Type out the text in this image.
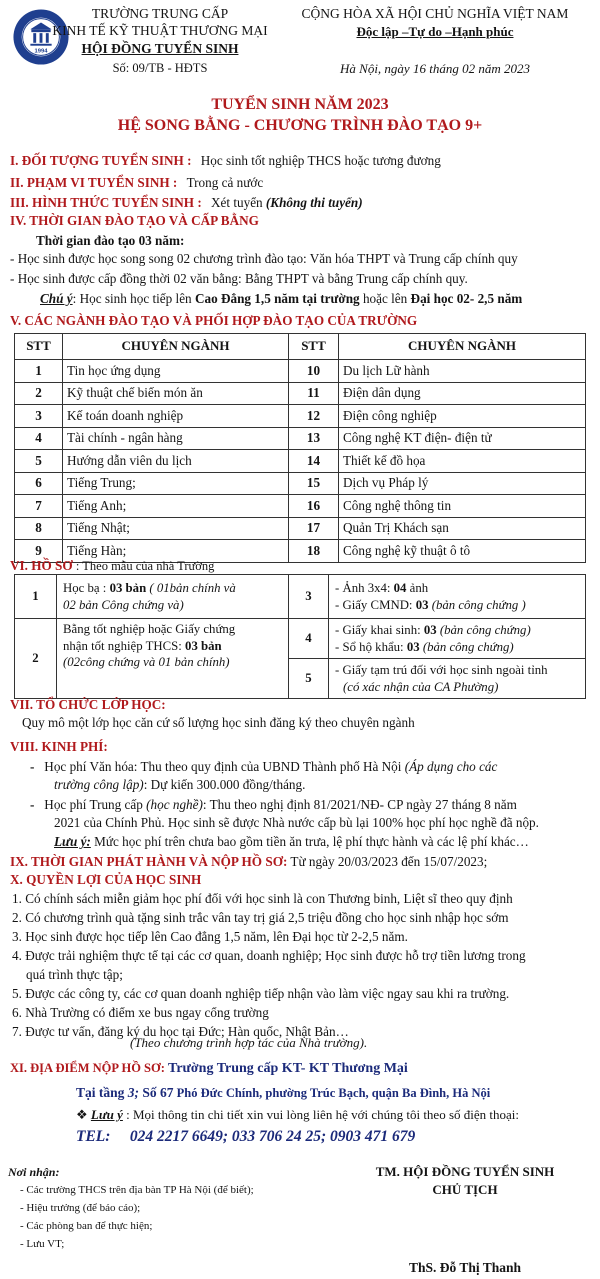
1994
TRƯỜNG TRUNG CẤP
KINH TẾ KỸ THUẬT THƯƠNG MẠI
HỘI ĐỒNG TUYỂN SINH
Số: 09/TB - HĐTS
CỘNG HÒA XÃ HỘI CHỦ NGHĨA VIỆT NAM
Độc lập –Tự do –Hạnh phúc
Hà Nội, ngày 16 tháng 02 năm 2023
TUYỂN SINH NĂM 2023
HỆ SONG BẰNG - CHƯƠNG TRÌNH ĐÀO TẠO 9+
I. ĐỐI TƯỢNG TUYỂN SINH : Học sinh tốt nghiệp THCS hoặc tương đương
II. PHẠM VI TUYỂN SINH : Trong cả nước
III. HÌNH THỨC TUYỂN SINH : Xét tuyển (Không thi tuyển)
IV. THỜI GIAN ĐÀO TẠO VÀ CẤP BẰNG
Thời gian đào tạo 03 năm:
- Học sinh được học song song 02 chương trình đào tạo: Văn hóa THPT và Trung cấp chính quy
- Học sinh được cấp đồng thời 02 văn bằng: Bằng THPT và bằng Trung cấp chính quy.
Chú ý: Học sinh học tiếp lên Cao Đẳng 1,5 năm tại trường hoặc lên Đại học 02- 2,5 năm
V. CÁC NGÀNH ĐÀO TẠO VÀ PHỐI HỢP ĐÀO TẠO CỦA TRƯỜNG
STT	CHUYÊN NGÀNH	STT	CHUYÊN NGÀNH
1	Tin học ứng dụng	10	Du lịch Lữ hành
2	Kỹ thuật chế biến món ăn	11	Điện dân dụng
3	Kế toán doanh nghiệp	12	Điện công nghiệp
4	Tài chính - ngân hàng	13	Công nghệ KT điện- điện tử
5	Hướng dẫn viên du lịch	14	Thiết kế đồ họa
6	Tiếng Trung;	15	Dịch vụ Pháp lý
7	Tiếng Anh;	16	Công nghệ thông tin
8	Tiếng Nhật;	17	Quản Trị Khách sạn
9	Tiếng Hàn;	18	Công nghệ kỹ thuật ô tô
VI. HỒ SƠ : Theo mẫu của nhà Trường
1	Học bạ : 03 bản ( 01bản chính và
02 bản Công chứng và)	3	- Ảnh 3x4: 04 ảnh
- Giấy CMND: 03 (bản công chứng )
2	Bằng tốt nghiệp hoặc Giấy chứng
nhận tốt nghiệp THCS: 03 bản
(02công chứng và 01 bản chính)	4	- Giấy khai sinh: 03 (bản công chứng)
- Sổ hộ khẩu: 03 (bản công chứng)
		5	- Giấy tạm trú đối với học sinh ngoài tỉnh
(có xác nhận của CA Phường)
VII. TỔ CHỨC LỚP HỌC:
Quy mô một lớp học căn cứ số lượng học sinh đăng ký theo chuyên ngành
VIII. KINH PHÍ:
- Học phí Văn hóa: Thu theo quy định của UBND Thành phố Hà Nội (Áp dụng cho các
trường công lập): Dự kiến 300.000 đồng/tháng.
- Học phí Trung cấp (học nghề): Thu theo nghị định 81/2021/NĐ- CP ngày 27 tháng 8 năm
2021 của Chính Phủ. Học sinh sẽ được Nhà nước cấp bù lại 100% học phí học nghề đã nộp.
Lưu ý: Mức học phí trên chưa bao gồm tiền ăn trưa, lệ phí thực hành và các lệ phí khác…
IX. THỜI GIAN PHÁT HÀNH VÀ NỘP HỒ SƠ: Từ ngày 20/03/2023 đến 15/07/2023;
X. QUYỀN LỢI CỦA HỌC SINH
1. Có chính sách miễn giảm học phí đối với học sinh là con Thương binh, Liệt sĩ theo quy định
2. Có chương trình quà tặng sinh trắc vân tay trị giá 2,5 triệu đồng cho học sinh nhập học sớm
3. Học sinh được học tiếp lên Cao đẳng 1,5 năm, lên Đại học từ 2-2,5 năm.
4. Được trải nghiệm thực tế tại các cơ quan, doanh nghiệp; Học sinh được hỗ trợ tiền lương trong
quá trình thực tập;
5. Được các công ty, các cơ quan doanh nghiệp tiếp nhận vào làm việc ngay sau khi ra trường.
6. Nhà Trường có điểm xe bus ngay cổng trường
7. Được tư vấn, đăng ký du học tại Đức; Hàn quốc, Nhật Bản…
(Theo chương trình hợp tác của Nhà trường).
XI. ĐỊA ĐIỂM NỘP HỒ SƠ: Trường Trung cấp KT- KT Thương Mại
Tại tầng 3; Số 67 Phó Đức Chính, phường Trúc Bạch, quận Ba Đình, Hà Nội
❖ Lưu ý : Mọi thông tin chi tiết xin vui lòng liên hệ với chúng tôi theo số điện thoại:
TEL: 024 2217 6649; 033 706 24 25; 0903 471 679
Nơi nhận:
- Các trường THCS trên địa bàn TP Hà Nội (để biết);
- Hiệu trưởng (để báo cáo);
- Các phòng ban để thực hiện;
- Lưu VT;
TM. HỘI ĐỒNG TUYỂN SINH
CHỦ TỊCH
ThS. Đỗ Thị Thanh
